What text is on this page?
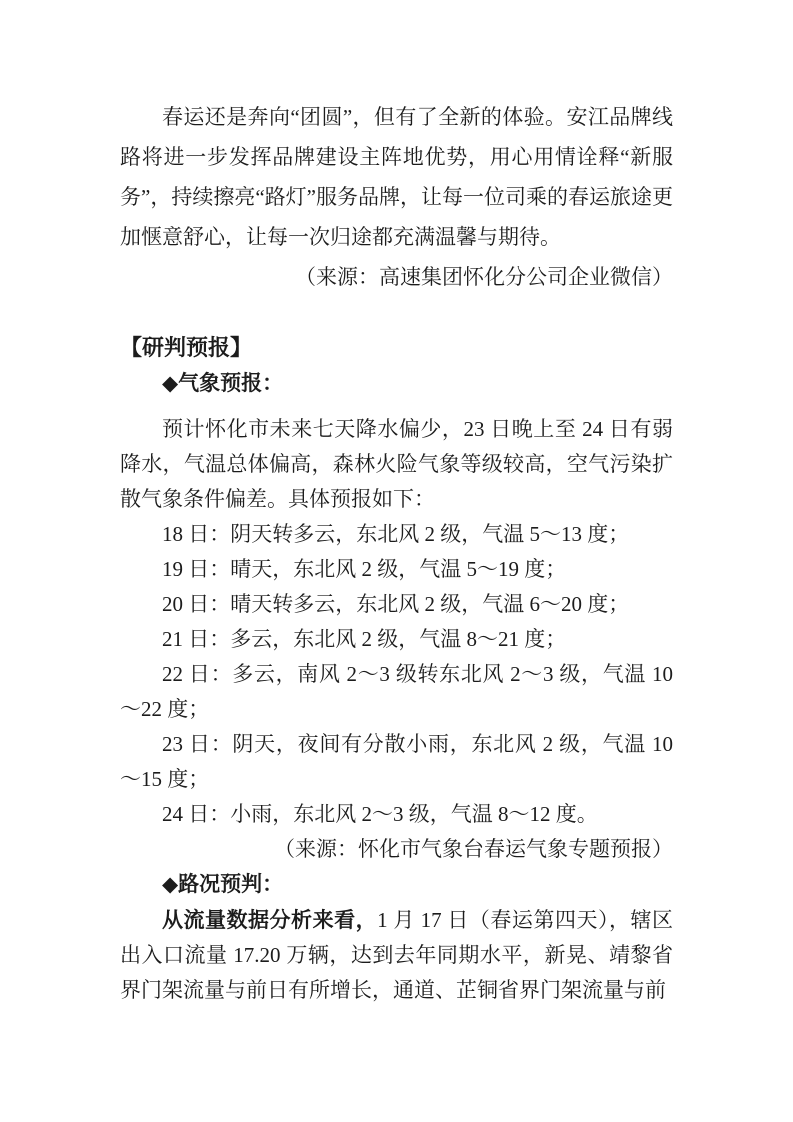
春运还是奔向“团圆”，但有了全新的体验。安江品牌线路将进一步发挥品牌建设主阵地优势，用心用情诠释“新服务”，持续擦亮“路灯”服务品牌，让每一位司乘的春运旅途更加惬意舒心，让每一次归途都充满温馨与期待。

（来源：高速集团怀化分公司企业微信）

【研判预报】
◆气象预报：

预计怀化市未来七天降水偏少，23 日晚上至 24 日有弱降水，气温总体偏高，森林火险气象等级较高，空气污染扩散气象条件偏差。具体预报如下：

18 日：阴天转多云，东北风 2 级，气温 5～13 度；

19 日：晴天，东北风 2 级，气温 5～19 度；

20 日：晴天转多云，东北风 2 级，气温 6～20 度；

21 日：多云，东北风 2 级，气温 8～21 度；

22 日：多云，南风 2～3 级转东北风 2～3 级，气温 10～22 度；

23 日：阴天，夜间有分散小雨，东北风 2 级，气温 10～15 度；

24 日：小雨，东北风 2～3 级，气温 8～12 度。

（来源：怀化市气象台春运气象专题预报）

◆路况预判：

从流量数据分析来看，1 月 17 日（春运第四天），辖区出入口流量 17.20 万辆，达到去年同期水平，新晃、靖黎省界门架流量与前日有所增长，通道、芷铜省界门架流量与前
